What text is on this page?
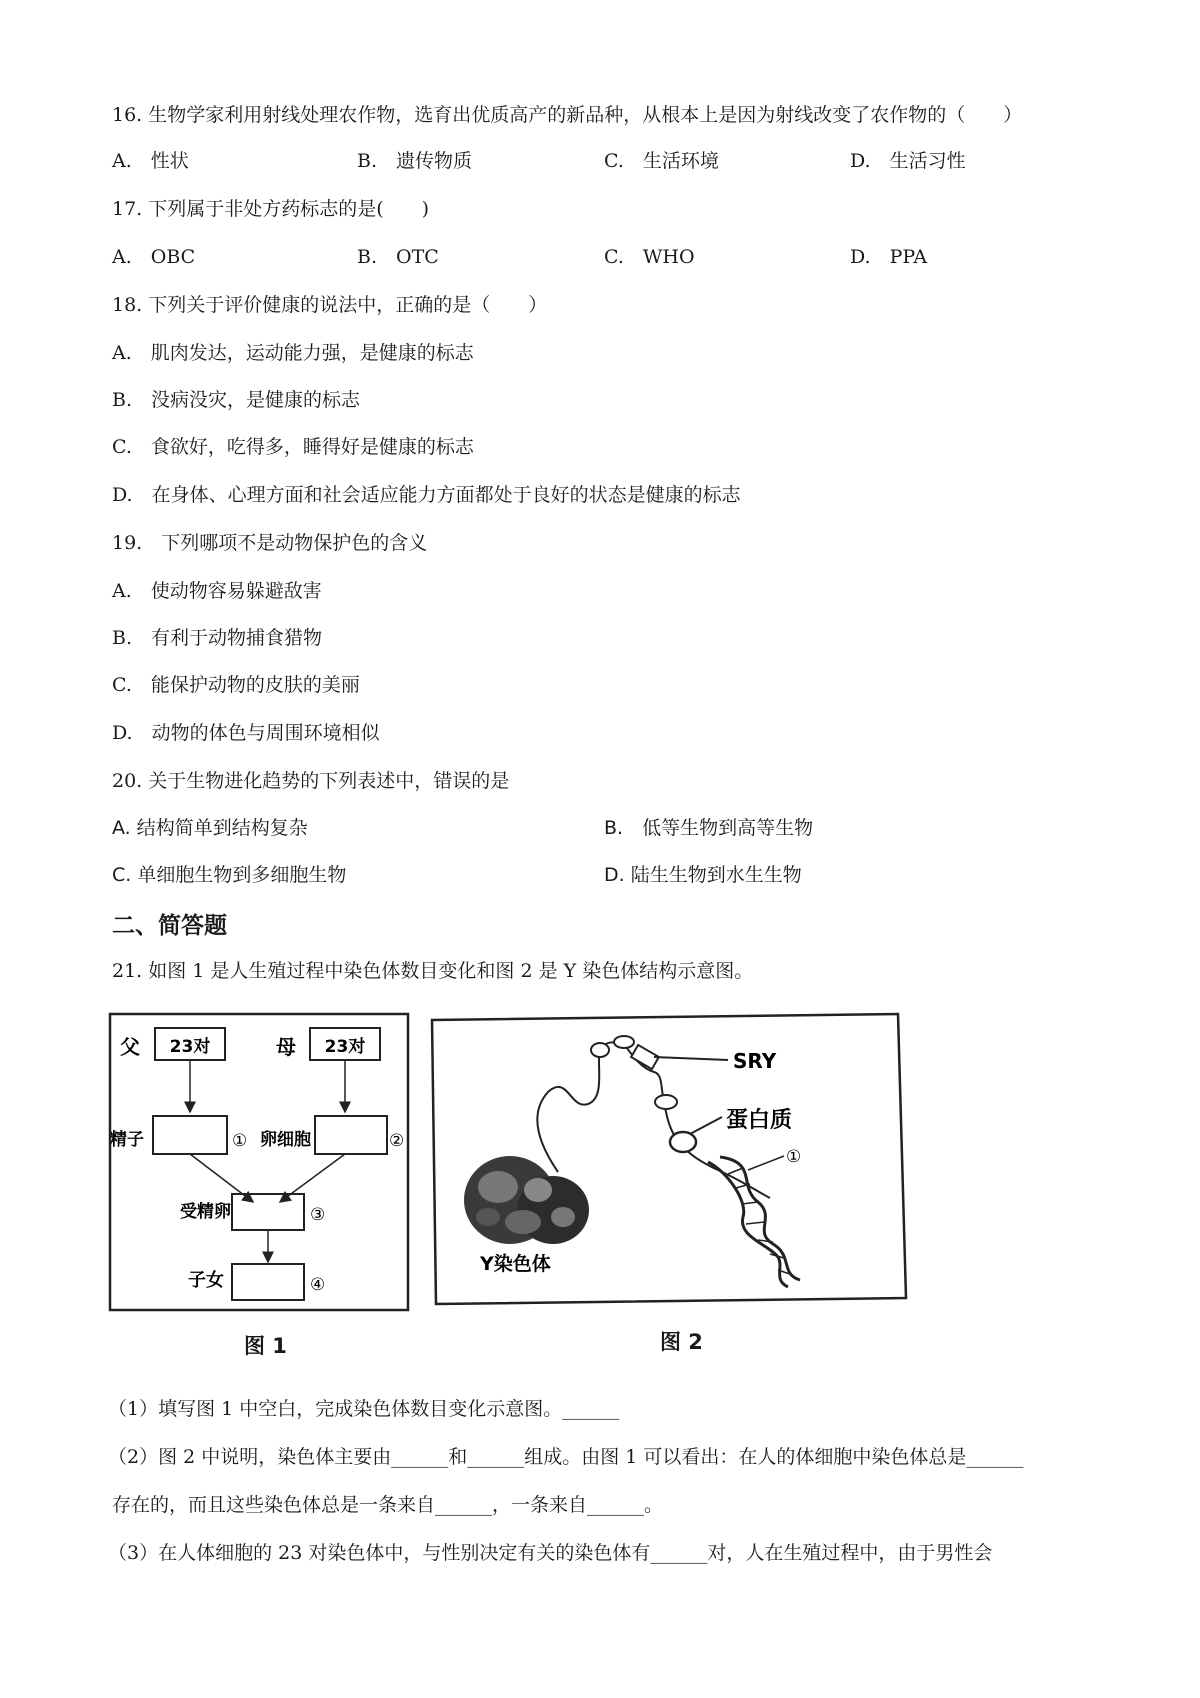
16. 生物学家利用射线处理农作物，选育出优质高产的新品种，从根本上是因为射线改变了农作物的（　　）
A.　性状	B.　遗传物质	C.　生活环境	D.　生活习性
17. 下列属于非处方药标志的是(　　)
A.　OBC	B.　OTC	C.　WHO	D.　PPA
18. 下列关于评价健康的说法中，正确的是（　　）
A.　肌肉发达，运动能力强，是健康的标志
B.　没病没灾，是健康的标志
C.　食欲好，吃得多，睡得好是健康的标志
D.　在身体、心理方面和社会适应能力方面都处于良好的状态是健康的标志
19.　下列哪项不是动物保护色的含义
A.　使动物容易躲避敌害
B.　有利于动物捕食猎物
C.　能保护动物的皮肤的美丽
D.　动物的体色与周围环境相似
20. 关于生物进化趋势的下列表述中，错误的是
A. 结构简单到结构复杂	B.　低等生物到高等生物
C. 单细胞生物到多细胞生物	D. 陆生生物到水生生物
二、简答题
21. 如图 1 是人生殖过程中染色体数目变化和图 2 是 Y 染色体结构示意图。
父 23对	母 23对
精子	① 卵细胞	②
受精卵	③
子女	④
图 1
SRY
蛋白质
①
Y染色体
图 2
（1）填写图 1 中空白，完成染色体数目变化示意图。______
（2）图 2 中说明，染色体主要由______和______组成。由图 1 可以看出：在人的体细胞中染色体总是______
存在的，而且这些染色体总是一条来自______，一条来自______。
（3）在人体细胞的 23 对染色体中，与性别决定有关的染色体有______对，人在生殖过程中，由于男性会
